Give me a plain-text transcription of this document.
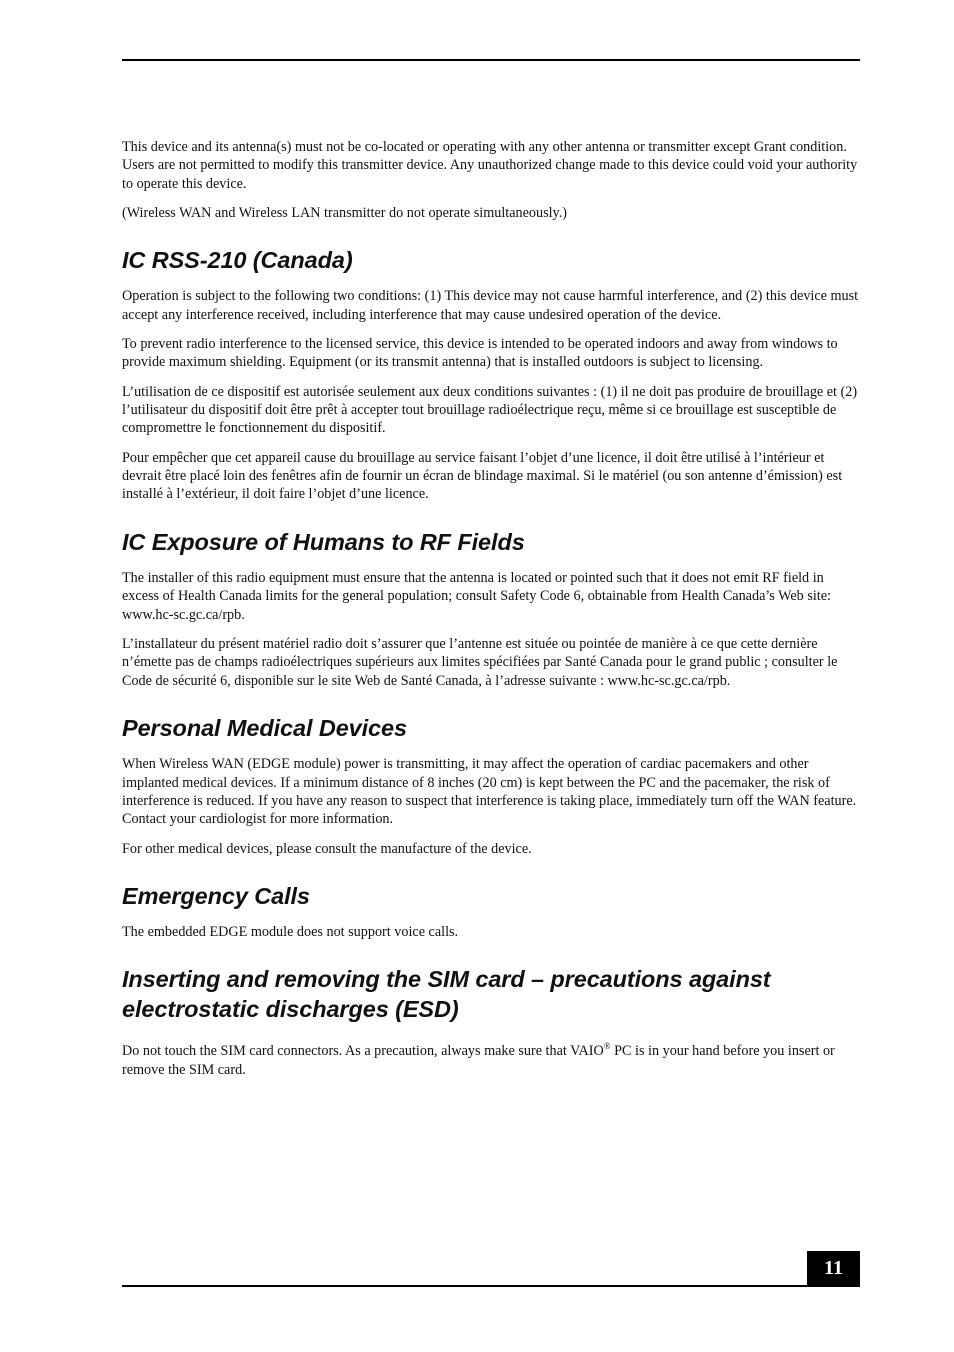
This device and its antenna(s) must not be co-located or operating with any other antenna or transmitter except Grant condition. Users are not permitted to modify this transmitter device. Any unauthorized change made to this device could void your authority to operate this device.

(Wireless WAN and Wireless LAN transmitter do not operate simultaneously.)

IC RSS-210 (Canada)

Operation is subject to the following two conditions: (1) This device may not cause harmful interference, and (2) this device must accept any interference received, including interference that may cause undesired operation of the device.

To prevent radio interference to the licensed service, this device is intended to be operated indoors and away from windows to provide maximum shielding. Equipment (or its transmit antenna) that is installed outdoors is subject to licensing.

L’utilisation de ce dispositif est autorisée seulement aux deux conditions suivantes : (1) il ne doit pas produire de brouillage et (2) l’utilisateur du dispositif doit être prêt à accepter tout brouillage radioélectrique reçu, même si ce brouillage est susceptible de compromettre le fonctionnement du dispositif.

Pour empêcher que cet appareil cause du brouillage au service faisant l’objet d’une licence, il doit être utilisé à l’intérieur et devrait être placé loin des fenêtres afin de fournir un écran de blindage maximal. Si le matériel (ou son antenne d’émission) est installé à l’extérieur, il doit faire l’objet d’une licence.

IC Exposure of Humans to RF Fields

The installer of this radio equipment must ensure that the antenna is located or pointed such that it does not emit RF field in excess of Health Canada limits for the general population; consult Safety Code 6, obtainable from Health Canada’s Web site: www.hc-sc.gc.ca/rpb.

L’installateur du présent matériel radio doit s’assurer que l’antenne est située ou pointée de manière à ce que cette dernière n’émette pas de champs radioélectriques supérieurs aux limites spécifiées par Santé Canada pour le grand public ; consulter le Code de sécurité 6, disponible sur le site Web de Santé Canada, à l’adresse suivante : www.hc-sc.gc.ca/rpb.

Personal Medical Devices

When Wireless WAN (EDGE module) power is transmitting, it may affect the operation of cardiac pacemakers and other implanted medical devices. If a minimum distance of 8 inches (20 cm) is kept between the PC and the pacemaker, the risk of interference is reduced. If you have any reason to suspect that interference is taking place, immediately turn off the WAN feature. Contact your cardiologist for more information.

For other medical devices, please consult the manufacture of the device.

Emergency Calls

The embedded EDGE module does not support voice calls.

Inserting and removing the SIM card – precautions against electrostatic discharges (ESD)

Do not touch the SIM card connectors. As a precaution, always make sure that VAIO® PC is in your hand before you insert or remove the SIM card.

11
